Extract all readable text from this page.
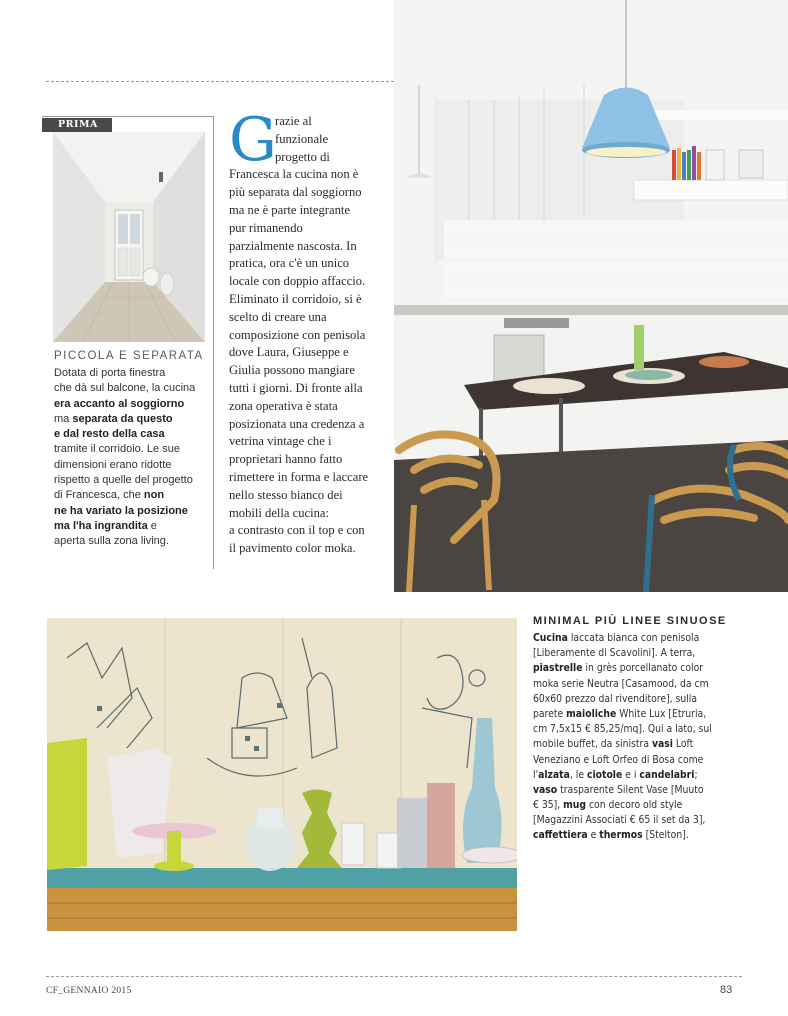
PRIMA
PICCOLA E SEPARATA
Dotata di porta finestra
che dà sul balcone, la cucina
era accanto al soggiorno
ma separata da questo
e dal resto della casa
tramite il corridoio. Le sue
dimensioni erano ridotte
rispetto a quelle del progetto
di Francesca, che non
ne ha variato la posizione
ma l'ha ingrandita e
aperta sulla zona living.
G
razie al
funzionale
progetto di
Francesca la cucina non è
più separata dal soggiorno
ma ne è parte integrante
pur rimanendo
parzialmente nascosta. In
pratica, ora c'è un unico
locale con doppio affaccio.
Eliminato il corridoio, si è
scelto di creare una
composizione con penisola
dove Laura, Giuseppe e
Giulia possono mangiare
tutti i giorni. Di fronte alla
zona operativa è stata
posizionata una credenza a
vetrina vintage che i
proprietari hanno fatto
rimettere in forma e laccare
nello stesso bianco dei
mobili della cucina:
a contrasto con il top e con
il pavimento color moka.
MINIMAL PIÙ LINEE SINUOSE
Cucina laccata bianca con penisola
[Liberamente di Scavolini]. A terra,
piastrelle in grès porcellanato color
moka serie Neutra [Casamood, da cm
60x60 prezzo dal rivenditore], sulla
parete maioliche White Lux [Etruria,
cm 7,5x15 € 85,25/mq]. Qui a lato, sul
mobile buffet, da sinistra vasi Loft
Veneziano e Loft Orfeo di Bosa come
l'alzata, le ciotole e i candelabri;
vaso trasparente Silent Vase [Muuto
€ 35], mug con decoro old style
[Magazzini Associati € 65 il set da 3],
caffettiera e thermos [Stelton].
CF_GENNAIO 2015	83
